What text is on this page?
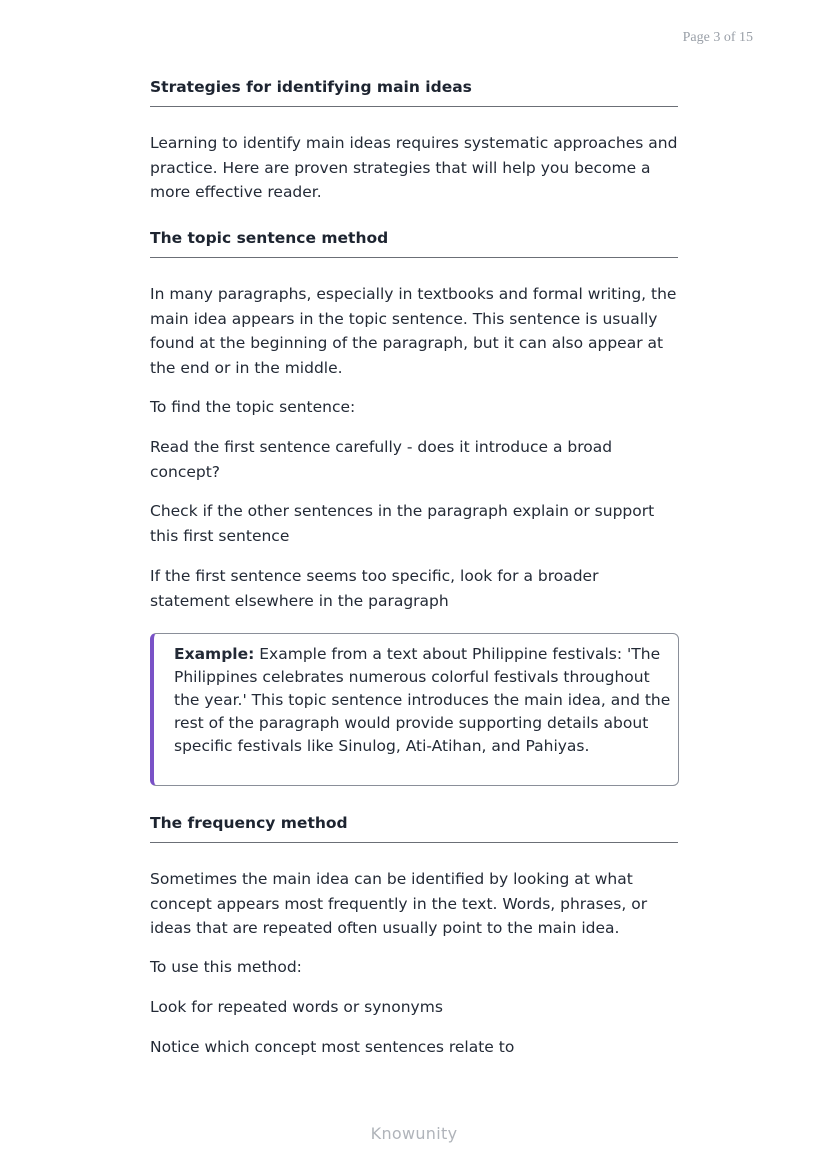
Page 3 of 15
Strategies for identifying main ideas
Learning to identify main ideas requires systematic approaches and practice. Here are proven strategies that will help you become a more effective reader.
The topic sentence method
In many paragraphs, especially in textbooks and formal writing, the main idea appears in the topic sentence. This sentence is usually found at the beginning of the paragraph, but it can also appear at the end or in the middle.
To find the topic sentence:
Read the first sentence carefully - does it introduce a broad concept?
Check if the other sentences in the paragraph explain or support this first sentence
If the first sentence seems too specific, look for a broader statement elsewhere in the paragraph
Example: Example from a text about Philippine festivals: 'The Philippines celebrates numerous colorful festivals throughout the year.' This topic sentence introduces the main idea, and the rest of the paragraph would provide supporting details about specific festivals like Sinulog, Ati-Atihan, and Pahiyas.
The frequency method
Sometimes the main idea can be identified by looking at what concept appears most frequently in the text. Words, phrases, or ideas that are repeated often usually point to the main idea.
To use this method:
Look for repeated words or synonyms
Notice which concept most sentences relate to
Knowunity
